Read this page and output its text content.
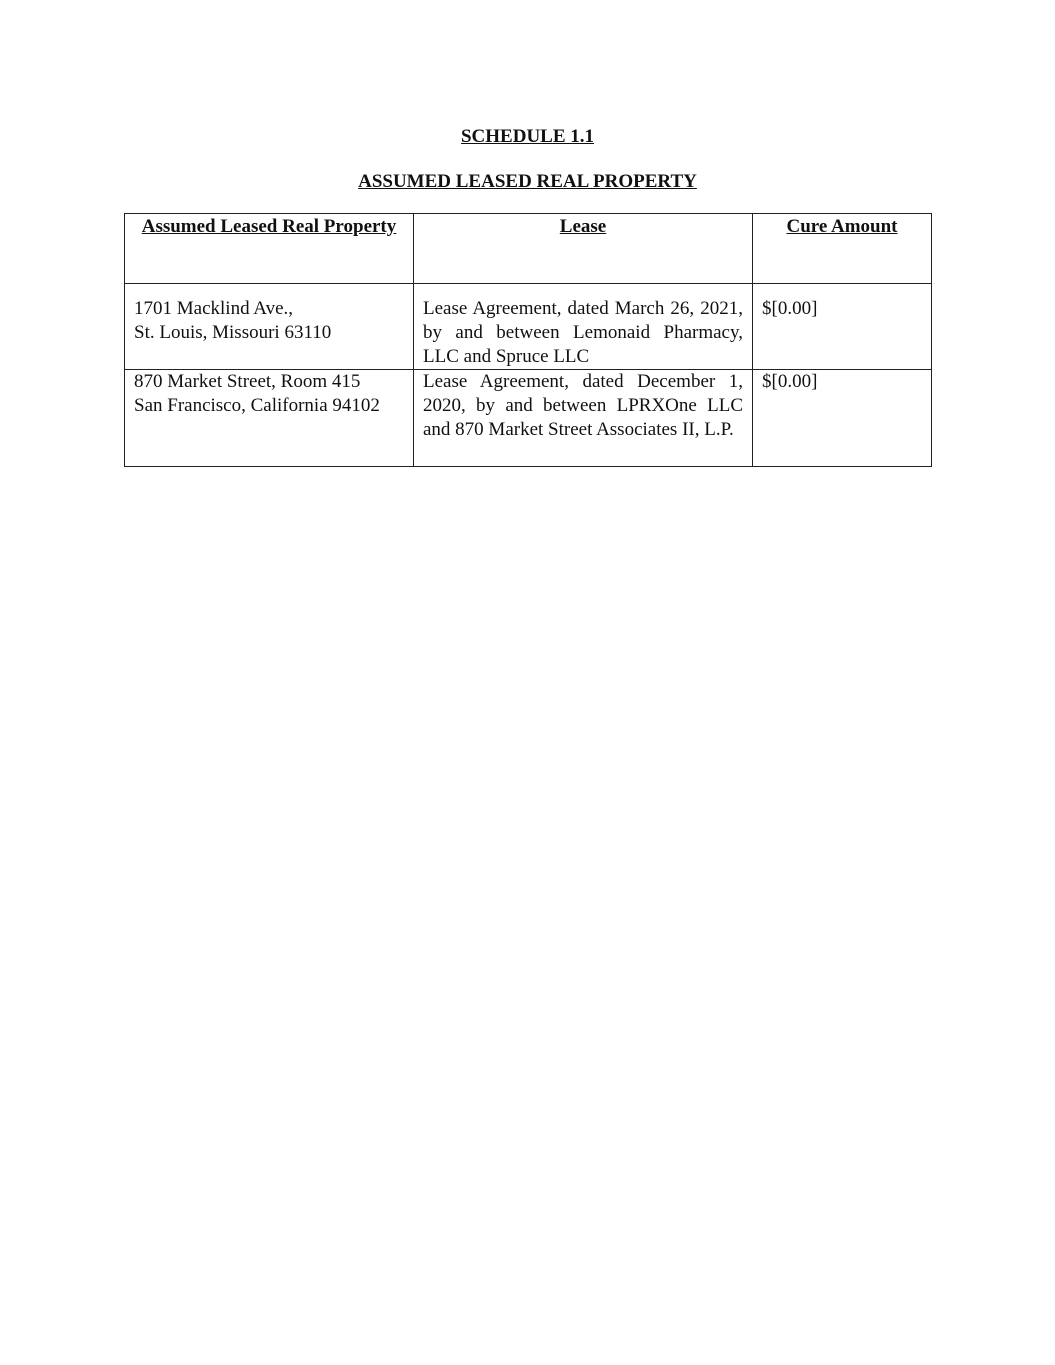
SCHEDULE 1.1
ASSUMED LEASED REAL PROPERTY
Assumed Leased Real Property	Lease	Cure Amount

1701 Macklind Ave.,
St. Louis, Missouri 63110	Lease Agreement, dated March 26, 2021, by and between Lemonaid Pharmacy, LLC and Spruce LLC	$[0.00]

870 Market Street, Room 415
San Francisco, California 94102	Lease Agreement, dated December 1, 2020, by and between LPRXOne LLC and 870 Market Street Associates II, L.P.	$[0.00]
